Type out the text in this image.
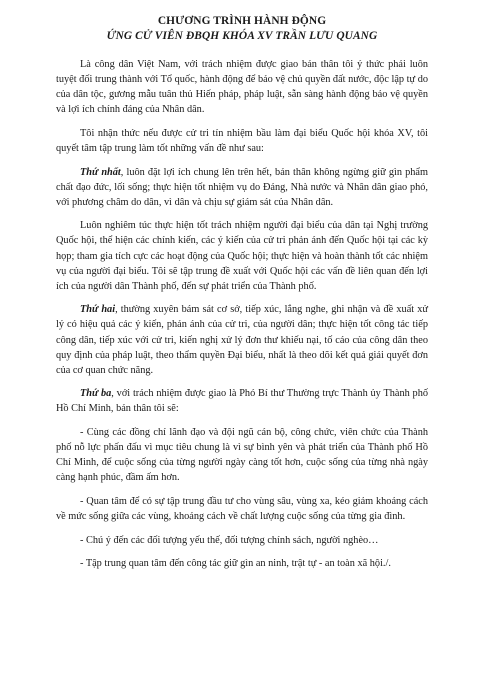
CHƯƠNG TRÌNH HÀNH ĐỘNG

ỨNG CỬ VIÊN ĐBQH KHÓA XV TRẦN LƯU QUANG

Là công dân Việt Nam, với trách nhiệm được giao bản thân tôi ý thức phải luôn tuyệt đối trung thành với Tổ quốc, hành động để bảo vệ chủ quyền đất nước, độc lập tự do của dân tộc, gương mẫu tuân thủ Hiến pháp, pháp luật, sẵn sàng hành động bảo vệ quyền và lợi ích chính đáng của Nhân dân.

Tôi nhận thức nếu được cử tri tín nhiệm bầu làm đại biểu Quốc hội khóa XV, tôi quyết tâm tập trung làm tốt những vấn đề như sau:

Thứ nhất, luôn đặt lợi ích chung lên trên hết, bản thân không ngừng giữ gìn phẩm chất đạo đức, lối sống; thực hiện tốt nhiệm vụ do Đảng, Nhà nước và Nhân dân giao phó, với phương châm do dân, vì dân và chịu sự giám sát của Nhân dân.

Luôn nghiêm túc thực hiện tốt trách nhiệm người đại biểu của dân tại Nghị trường Quốc hội, thể hiện các chính kiến, các ý kiến của cử tri phản ánh đến Quốc hội tại các kỳ họp; tham gia tích cực các hoạt động của Quốc hội; thực hiện và hoàn thành tốt các nhiệm vụ của người đại biểu. Tôi sẽ tập trung đề xuất với Quốc hội các vấn đề liên quan đến lợi ích của người dân Thành phố, đến sự phát triển của Thành phố.

Thứ hai, thường xuyên bám sát cơ sở, tiếp xúc, lắng nghe, ghi nhận và đề xuất xử lý có hiệu quả các ý kiến, phản ánh của cử tri, của người dân; thực hiện tốt công tác tiếp công dân, tiếp xúc với cử tri, kiến nghị xử lý đơn thư khiếu nại, tố cáo của công dân theo quy định của pháp luật, theo thẩm quyền Đại biểu, nhất là theo dõi kết quả giải quyết đơn của cơ quan chức năng.

Thứ ba, với trách nhiệm được giao là Phó Bí thư Thường trực Thành ủy Thành phố Hồ Chí Minh, bản thân tôi sẽ:

- Cùng các đồng chí lãnh đạo và đội ngũ cán bộ, công chức, viên chức của Thành phố nỗ lực phấn đấu vì mục tiêu chung là vì sự bình yên và phát triển của Thành phố Hồ Chí Minh, để cuộc sống của từng người ngày càng tốt hơn, cuộc sống của từng nhà ngày càng hạnh phúc, đầm ấm hơn.

- Quan tâm để có sự tập trung đầu tư cho vùng sâu, vùng xa, kéo giảm khoảng cách về mức sống giữa các vùng, khoảng cách về chất lượng cuộc sống của từng gia đình.

- Chú ý đến các đối tượng yếu thế, đối tượng chính sách, người nghèo…

- Tập trung quan tâm đến công tác giữ gìn an ninh, trật tự - an toàn xã hội./.
